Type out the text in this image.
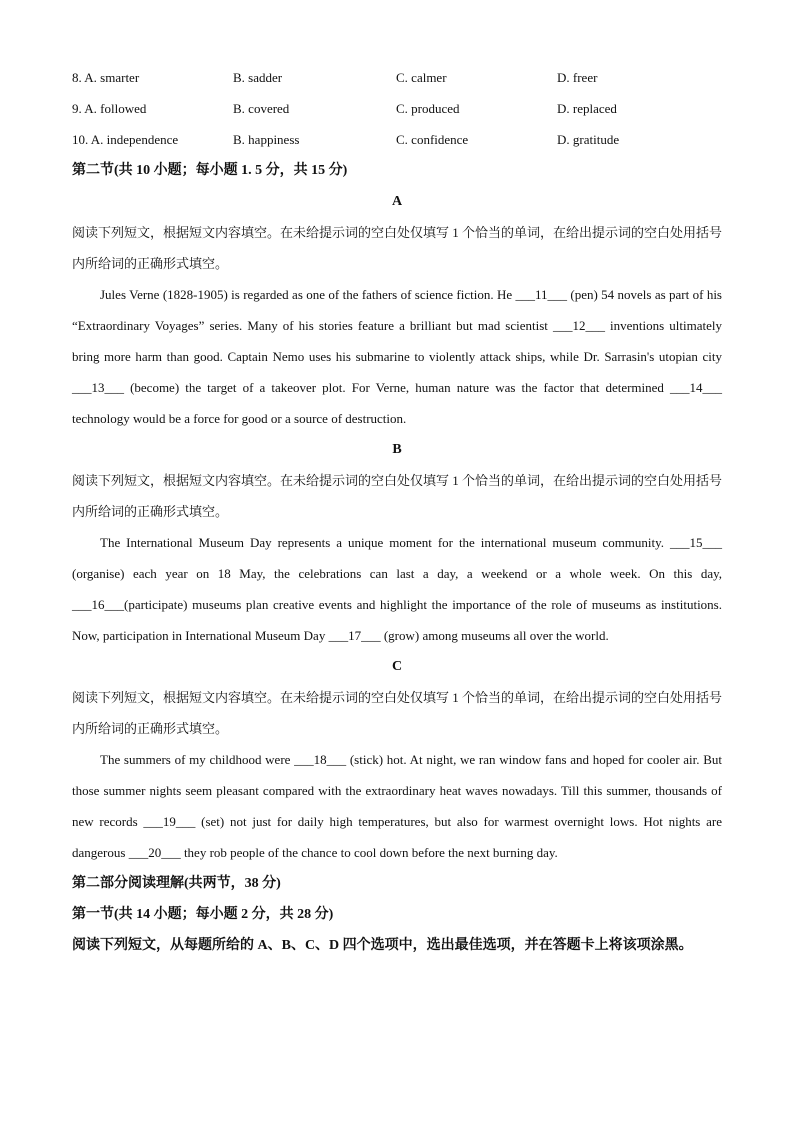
8. A. smarter	B. sadder	C. calmer	D. freer
9. A. followed	B. covered	C. produced	D. replaced
10. A. independence	B. happiness	C. confidence	D. gratitude
第二节(共 10 小题；每小题 1. 5 分，共 15 分)
A
阅读下列短文，根据短文内容填空。在未给提示词的空白处仅填写 1 个恰当的单词，在给出提示词的空白处用括号内所给词的正确形式填空。
Jules Verne (1828-1905) is regarded as one of the fathers of science fiction. He ___11___ (pen) 54 novels as part of his “Extraordinary Voyages” series. Many of his stories feature a brilliant but mad scientist ___12___ inventions ultimately bring more harm than good. Captain Nemo uses his submarine to violently attack ships, while Dr. Sarrasin's utopian city ___13___ (become) the target of a takeover plot. For Verne, human nature was the factor that determined ___14___ technology would be a force for good or a source of destruction.
B
阅读下列短文，根据短文内容填空。在未给提示词的空白处仅填写 1 个恰当的单词，在给出提示词的空白处用括号内所给词的正确形式填空。
The International Museum Day represents a unique moment for the international museum community. ___15___ (organise) each year on 18 May, the celebrations can last a day, a weekend or a whole week. On this day, ___16___(participate) museums plan creative events and highlight the importance of the role of museums as institutions. Now, participation in International Museum Day ___17___ (grow) among museums all over the world.
C
阅读下列短文，根据短文内容填空。在未给提示词的空白处仅填写 1 个恰当的单词，在给出提示词的空白处用括号内所给词的正确形式填空。
The summers of my childhood were ___18___ (stick) hot. At night, we ran window fans and hoped for cooler air. But those summer nights seem pleasant compared with the extraordinary heat waves nowadays. Till this summer, thousands of new records ___19___ (set) not just for daily high temperatures, but also for warmest overnight lows. Hot nights are dangerous ___20___ they rob people of the chance to cool down before the next burning day.
第二部分阅读理解(共两节，38 分)
第一节(共 14 小题；每小题 2 分，共 28 分)
阅读下列短文，从每题所给的 A、B、C、D 四个选项中，选出最佳选项，并在答题卡上将该项涂黑。
